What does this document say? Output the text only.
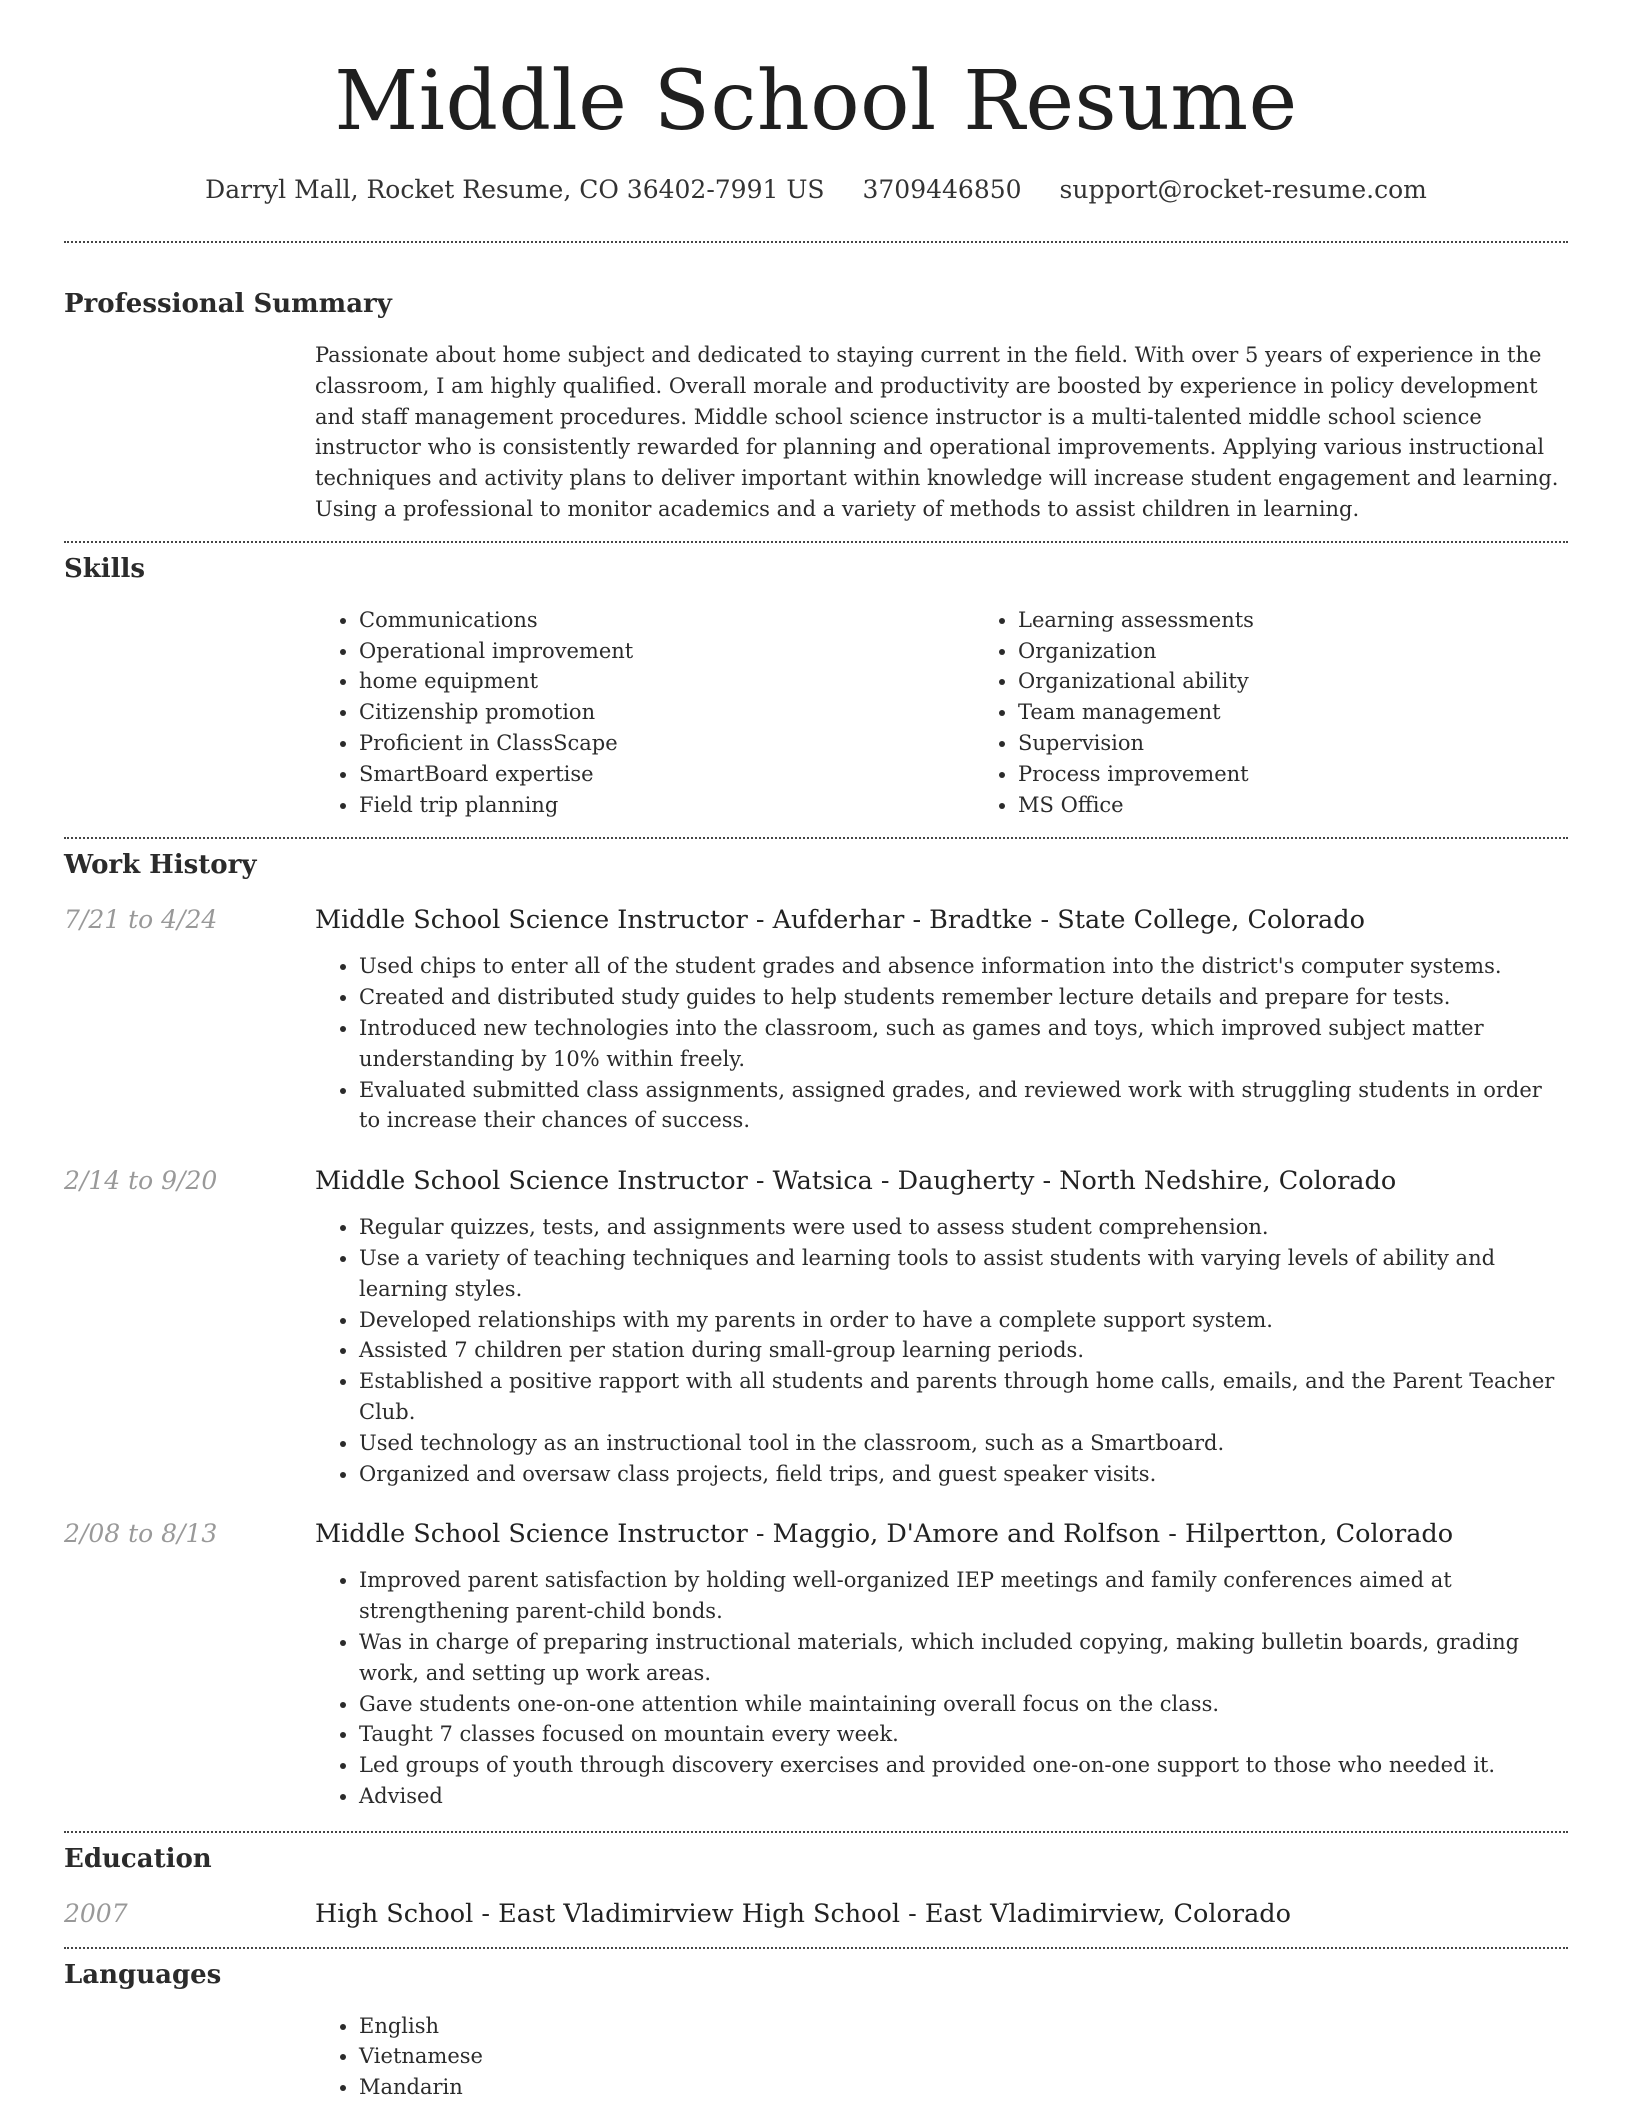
Middle School Resume
Darryl Mall, Rocket Resume, CO 36402-7991 US 3709446850 support@rocket-resume.com
Professional Summary

Passionate about home subject and dedicated to staying current in the field. With over 5 years of experience in the classroom, I am highly qualified. Overall morale and productivity are boosted by experience in policy development and staff management procedures. Middle school science instructor is a multi-talented middle school science instructor who is consistently rewarded for planning and operational improvements. Applying various instructional techniques and activity plans to deliver important within knowledge will increase student engagement and learning. Using a professional to monitor academics and a variety of methods to assist children in learning.

Skills
• Communications
• Operational improvement
• home equipment
• Citizenship promotion
• Proficient in ClassScape
• SmartBoard expertise
• Field trip planning
• Learning assessments
• Organization
• Organizational ability
• Team management
• Supervision
• Process improvement
• MS Office
Work History
7/21 to 4/24	Middle School Science Instructor - Aufderhar - Bradtke - State College, Colorado
• Used chips to enter all of the student grades and absence information into the district's computer systems.
• Created and distributed study guides to help students remember lecture details and prepare for tests.
• Introduced new technologies into the classroom, such as games and toys, which improved subject matter understanding by 10% within freely.
• Evaluated submitted class assignments, assigned grades, and reviewed work with struggling students in order to increase their chances of success.
2/14 to 9/20	Middle School Science Instructor - Watsica - Daugherty - North Nedshire, Colorado
• Regular quizzes, tests, and assignments were used to assess student comprehension.
• Use a variety of teaching techniques and learning tools to assist students with varying levels of ability and learning styles.
• Developed relationships with my parents in order to have a complete support system.
• Assisted 7 children per station during small-group learning periods.
• Established a positive rapport with all students and parents through home calls, emails, and the Parent Teacher Club.
• Used technology as an instructional tool in the classroom, such as a Smartboard.
• Organized and oversaw class projects, field trips, and guest speaker visits.
2/08 to 8/13	Middle School Science Instructor - Maggio, D'Amore and Rolfson - Hilpertton, Colorado
• Improved parent satisfaction by holding well-organized IEP meetings and family conferences aimed at strengthening parent-child bonds.
• Was in charge of preparing instructional materials, which included copying, making bulletin boards, grading work, and setting up work areas.
• Gave students one-on-one attention while maintaining overall focus on the class.
• Taught 7 classes focused on mountain every week.
• Led groups of youth through discovery exercises and provided one-on-one support to those who needed it.
• Advised
Education
2007	High School - East Vladimirview High School - East Vladimirview, Colorado
Languages
• English
• Vietnamese
• Mandarin
